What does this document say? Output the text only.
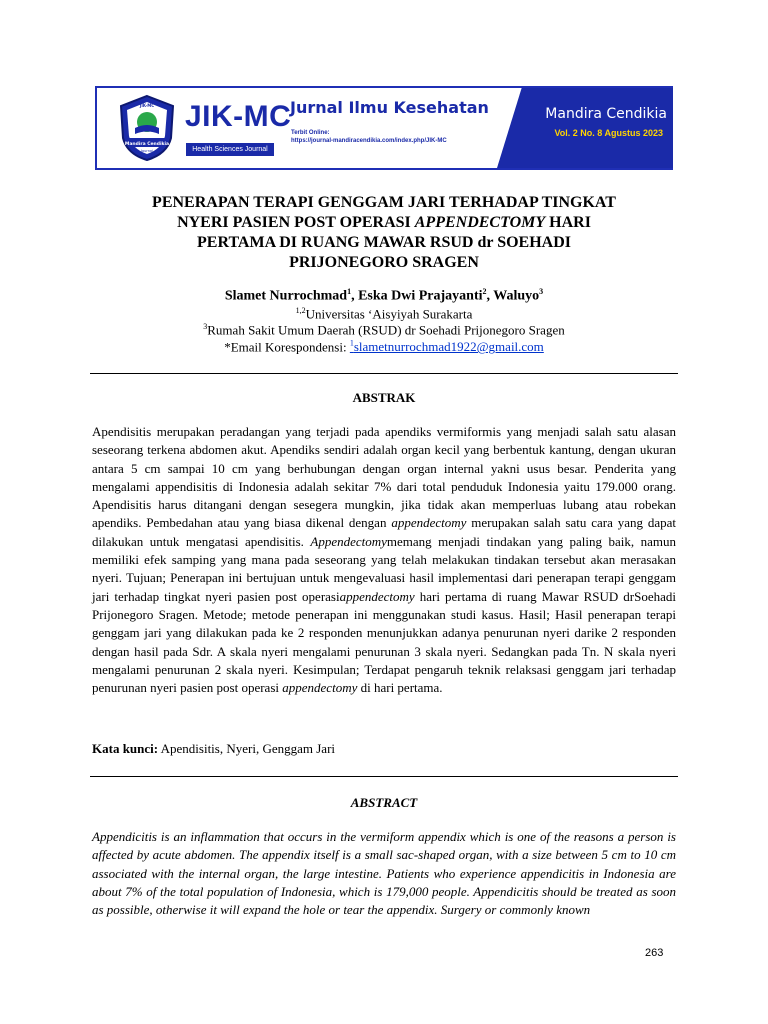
Mandira Cendikia
Journal
JIK-MC JIK-MC
Health Sciences Journal
Jurnal Ilmu Kesehatan
Terbit Online:
https://journal-mandiracendikia.com/index.php/JIK-MC
Mandira Cendikia
Vol. 2 No. 8 Agustus 2023
PENERAPAN TERAPI GENGGAM JARI TERHADAP TINGKAT
NYERI PASIEN POST OPERASI APPENDECTOMY HARI
PERTAMA DI RUANG MAWAR RSUD dr SOEHADI
PRIJONEGORO SRAGEN
Slamet Nurrochmad$^1$, Eska Dwi Prajayanti$^2$, Waluyo$^3$
$^{1,2}$Universitas ‘Aisyiyah Surakarta
$^3$Rumah Sakit Umum Daerah (RSUD) dr Soehadi Prijonegoro Sragen
*Email Korespondensi: $^1$slametnurrochmad1922@gmail.com
ABSTRAK

Apendisitis merupakan peradangan yang terjadi pada apendiks vermiformis yang menjadi salah satu alasan seseorang terkena abdomen akut. Apendiks sendiri adalah organ kecil yang berbentuk kantung, dengan ukuran antara 5 cm sampai 10 cm yang berhubungan dengan organ internal yakni usus besar. Penderita yang mengalami appendisitis di Indonesia adalah sekitar 7% dari total penduduk Indonesia yaitu 179.000 orang. Apendisitis harus ditangani dengan sesegera mungkin, jika tidak akan memperluas lubang atau robekan apendiks. Pembedahan atau yang biasa dikenal dengan appendectomy merupakan salah satu cara yang dapat dilakukan untuk mengatasi apendisitis. Appendectomymemang menjadi tindakan yang paling baik, namun memiliki efek samping yang mana pada seseorang yang telah melakukan tindakan tersebut akan merasakan nyeri. Tujuan; Penerapan ini bertujuan untuk mengevaluasi hasil implementasi dari penerapan terapi genggam jari terhadap tingkat nyeri pasien post operasiappendectomy hari pertama di ruang Mawar RSUD drSoehadi Prijonegoro Sragen. Metode; metode penerapan ini menggunakan studi kasus. Hasil; Hasil penerapan terapi genggam jari yang dilakukan pada ke 2 responden menunjukkan adanya penurunan nyeri darike 2 responden dengan hasil pada Sdr. A skala nyeri mengalami penurunan 3 skala nyeri. Sedangkan pada Tn. N skala nyeri mengalami penurunan 2 skala nyeri. Kesimpulan; Terdapat pengaruh teknik relaksasi genggam jari terhadap penurunan nyeri pasien post operasi appendectomy di hari pertama.

Kata kunci: Apendisitis, Nyeri, Genggam Jari
ABSTRACT

Appendicitis is an inflammation that occurs in the vermiform appendix which is one of the reasons a person is affected by acute abdomen. The appendix itself is a small sac-shaped organ, with a size between 5 cm to 10 cm associated with the internal organ, the large intestine. Patients who experience appendicitis in Indonesia are about 7% of the total population of Indonesia, which is 179,000 people. Appendicitis should be treated as soon as possible, otherwise it will expand the hole or tear the appendix. Surgery or commonly known

263
